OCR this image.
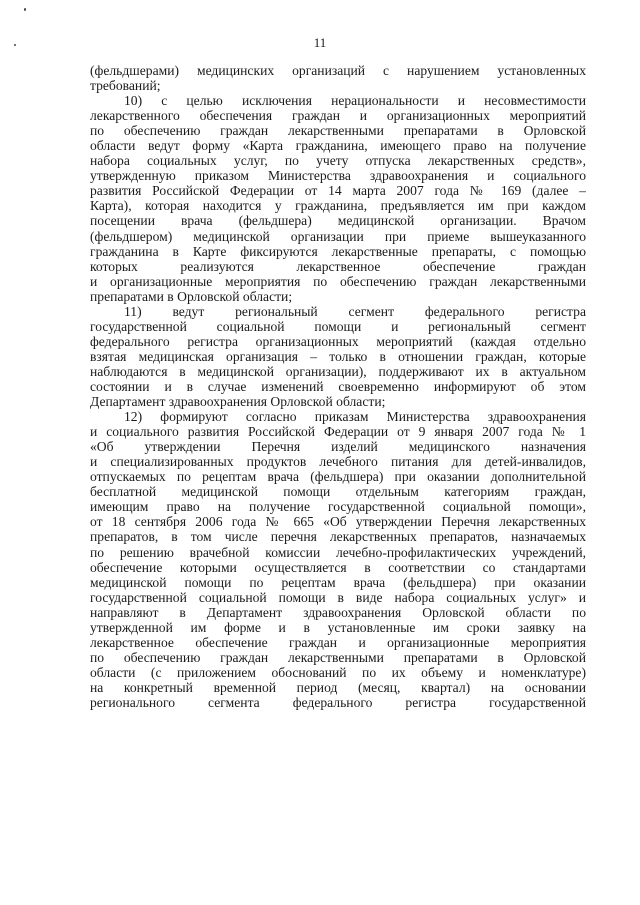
11
(фельдшерами) медицинских организаций с нарушением установленных
требований;
10) с целью исключения нерациональности и несовместимости
лекарственного обеспечения граждан и организационных мероприятий
по обеспечению граждан лекарственными препаратами в Орловской
области ведут форму «Карта гражданина, имеющего право на получение
набора социальных услуг, по учету отпуска лекарственных средств»,
утвержденную приказом Министерства здравоохранения и социального
развития Российской Федерации от 14 марта 2007 года № 169 (далее –
Карта), которая находится у гражданина, предъявляется им при каждом
посещении врача (фельдшера) медицинской организации. Врачом
(фельдшером) медицинской организации при приеме вышеуказанного
гражданина в Карте фиксируются лекарственные препараты, с помощью
которых реализуются лекарственное обеспечение граждан
и организационные мероприятия по обеспечению граждан лекарственными
препаратами в Орловской области;
11) ведут региональный сегмент федерального регистра
государственной социальной помощи и региональный сегмент
федерального регистра организационных мероприятий (каждая отдельно
взятая медицинская организация – только в отношении граждан, которые
наблюдаются в медицинской организации), поддерживают их в актуальном
состоянии и в случае изменений своевременно информируют об этом
Департамент здравоохранения Орловской области;
12) формируют согласно приказам Министерства здравоохранения
и социального развития Российской Федерации от 9 января 2007 года № 1
«Об утверждении Перечня изделий медицинского назначения
и специализированных продуктов лечебного питания для детей-инвалидов,
отпускаемых по рецептам врача (фельдшера) при оказании дополнительной
бесплатной медицинской помощи отдельным категориям граждан,
имеющим право на получение государственной социальной помощи»,
от 18 сентября 2006 года № 665 «Об утверждении Перечня лекарственных
препаратов, в том числе перечня лекарственных препаратов, назначаемых
по решению врачебной комиссии лечебно-профилактических учреждений,
обеспечение которыми осуществляется в соответствии со стандартами
медицинской помощи по рецептам врача (фельдшера) при оказании
государственной социальной помощи в виде набора социальных услуг» и
направляют в Департамент здравоохранения Орловской области по
утвержденной им форме и в установленные им сроки заявку на
лекарственное обеспечение граждан и организационные мероприятия
по обеспечению граждан лекарственными препаратами в Орловской
области (с приложением обоснований по их объему и номенклатуре)
на конкретный временной период (месяц, квартал) на основании
регионального сегмента федерального регистра государственной
